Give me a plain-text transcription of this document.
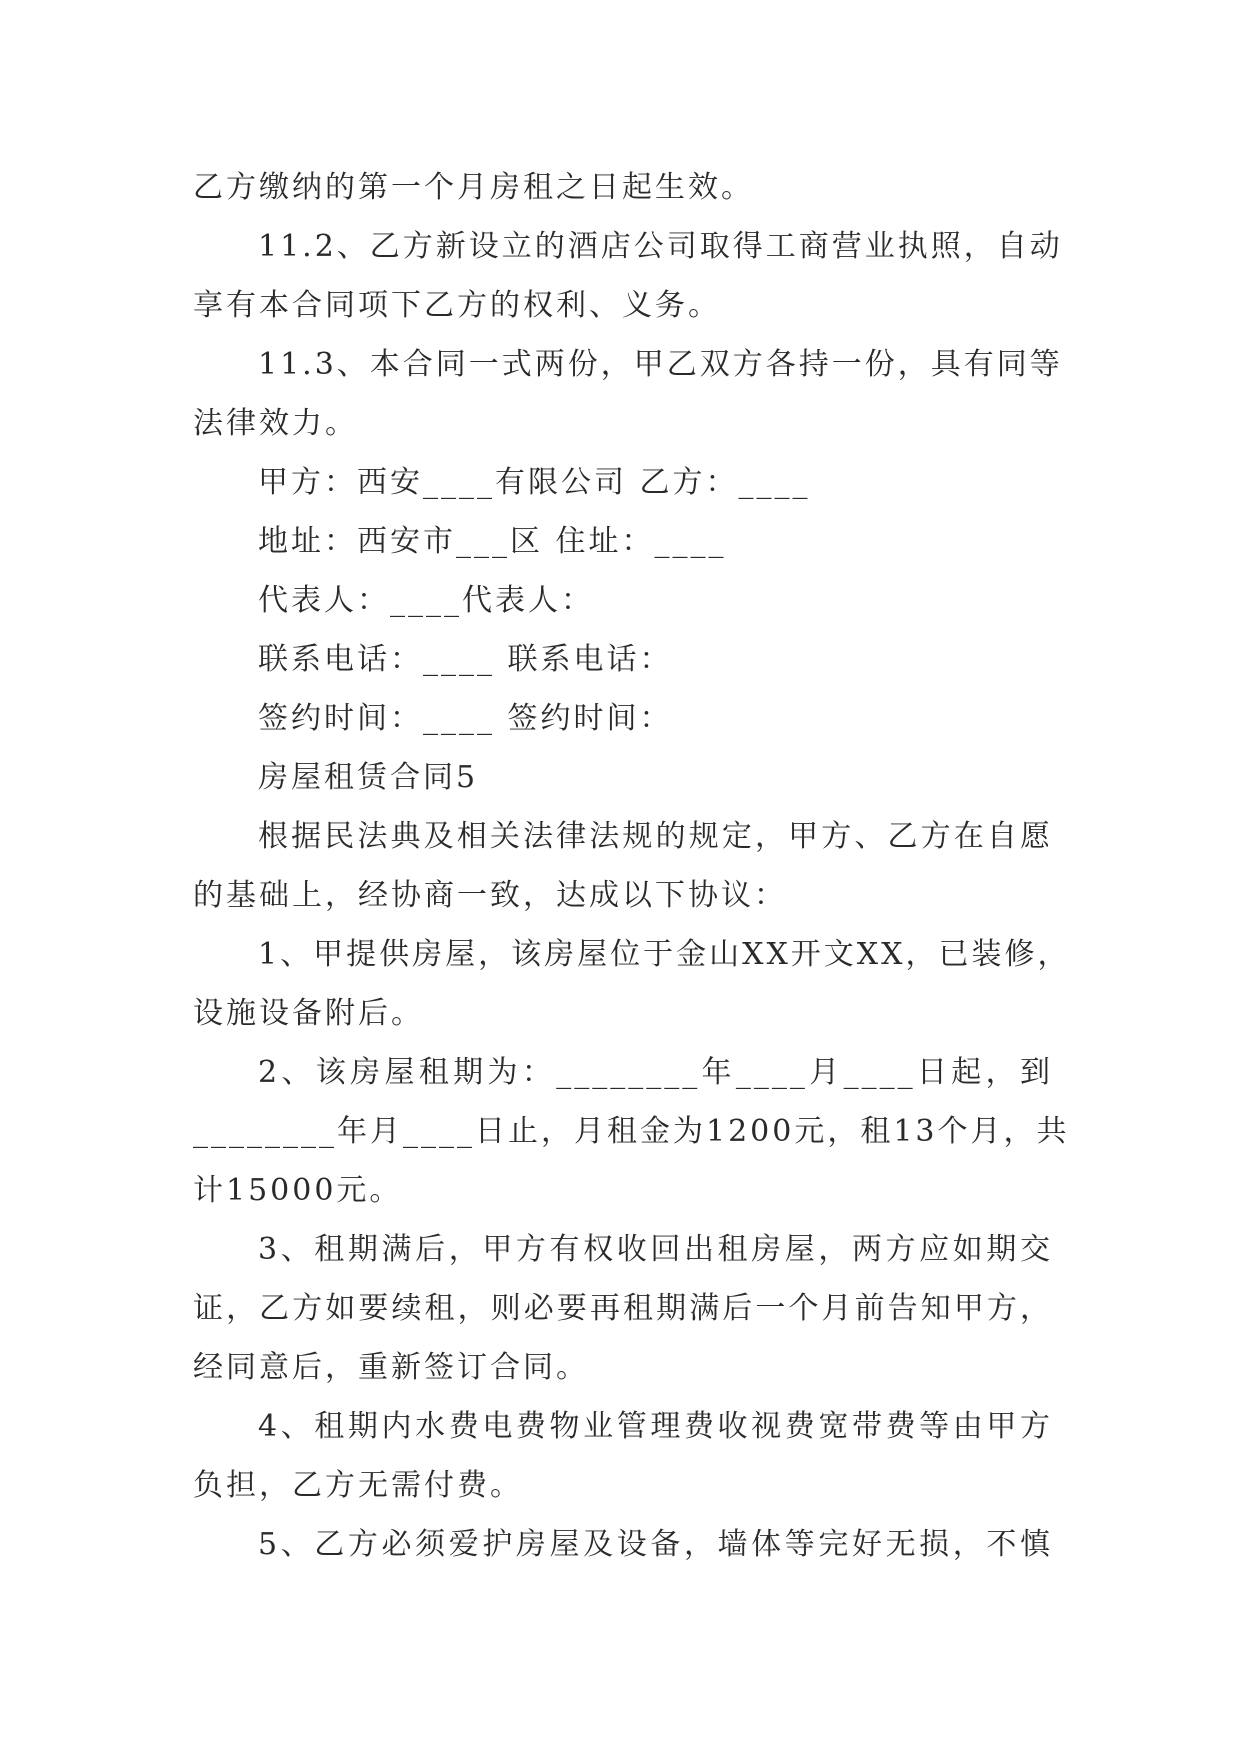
乙方缴纳的第一个月房租之日起生效。

11.2、乙方新设立的酒店公司取得工商营业执照，自动

享有本合同项下乙方的权利、义务。

11.3、本合同一式两份，甲乙双方各持一份，具有同等

法律效力。

甲方：西安____有限公司 乙方：____

地址：西安市___区 住址：____

代表人：____代表人：

联系电话：____ 联系电话：

签约时间：____ 签约时间：

房屋租赁合同5

根据民法典及相关法律法规的规定，甲方、乙方在自愿

的基础上，经协商一致，达成以下协议：

1、甲提供房屋，该房屋位于金山XX开文XX，已装修，

设施设备附后。

2、该房屋租期为：________年____月____日起，到

________年月____日止，月租金为1200元，租13个月，共

计15000元。

3、租期满后，甲方有权收回出租房屋，两方应如期交

证，乙方如要续租，则必要再租期满后一个月前告知甲方，

经同意后，重新签订合同。

4、租期内水费电费物业管理费收视费宽带费等由甲方

负担，乙方无需付费。

5、乙方必须爱护房屋及设备，墙体等完好无损，不慎
